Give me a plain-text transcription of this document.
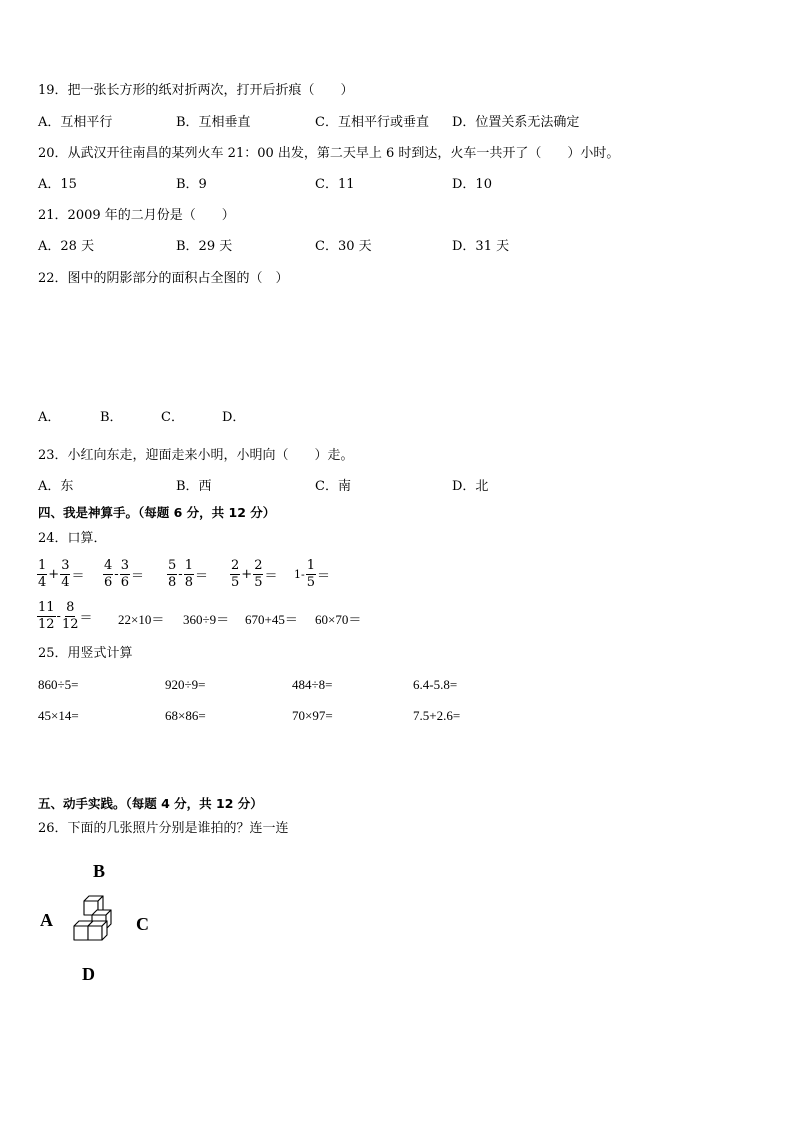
19．把一张长方形的纸对折两次，打开后折痕（　　）
A．互相平行	B．互相垂直	C．互相平行或垂直 D．位置关系无法确定
20．从武汉开往南昌的某列火车 21：00 出发，第二天早上 6 时到达，火车一共开了（　　）小时。
A．15	B．9	C．11	D．10
21．2009 年的二月份是（　　）
A．28 天	B．29 天	C．30 天	D．31 天
22．图中的阴影部分的面积占全图的（　）
A．	B．	C．	D．
23．小红向东走，迎面走来小明，小明向（　　）走。
A．东	B．西	C．南	D．北
四、我是神算手。（每题 6 分，共 12 分）
24．口算．
$\frac{1}{4} + \frac{3}{4} = \frac{4}{6} - \frac{3}{6} = \frac{5}{8} - \frac{1}{8} = \frac{2}{5} + \frac{2}{5} = 1- \frac{1}{5}$ ＝
$\frac{11}{12} - \frac{8}{12} = 22\times 10= 360\div 9= 670+45= 60\times 70=$
25．用竖式计算
860÷5=	920÷9=	484÷8=	6.4-5.8=
45×14=	68×86=	70×97=	7.5+2.6=
五、动手实践。（每题 4 分，共 12 分）
26．下面的几张照片分别是谁拍的？连一连
B
A	C
D
